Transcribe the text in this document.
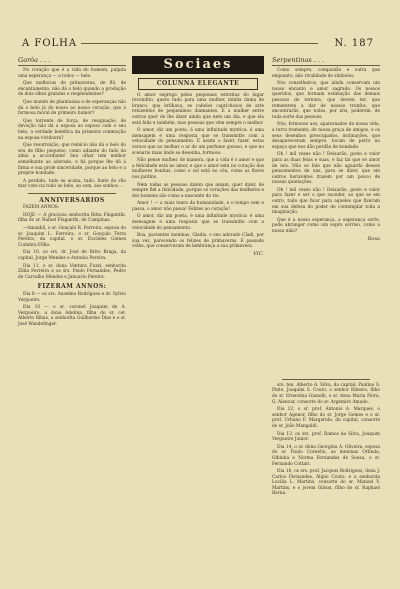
A FOLHA	N. 187
Garôa . . .

No coração que é a vida do homem, palpita uma esperança — a todos — belo.

Que melhoras de primaveras, de flô, de encantamento, não dá o belo quando a produção de dois olhos grandes e resplendentes?

Que mundo de phantasias e de esperanças não dá o belo já do nosso ao nosso coração, que à formosa moral de primeiro humor?

Que torrente de força, de resignação, de devoção não dá a esposa ao esposo com o seu belo, a verdade benéfica da primeira commoção na esposa vividoura?

Que resurreição, que reinício não dá o belo do seu de filho pequeno, como adiante do fado da alma a accordante! Seu olhar tem melhor semelhante ao adorado, e há porque lhe dá à firma e sua prole sinceridade, porque ao belo e a proprie bondade.

A perdido, tudo se acaba, tudo, fonte do vão mar com-cia tudo ao belo, ao som, aos sonhos ...

ANNIVERSARIOS

FAZEM ANNOS:

HOJE — A graciosa senhorita Ritta Fluganthi, filha do sr. Rafael Fluganthi, de Campinas.

—Amanhã, o sr. Gonçalo R. Ferreira, esposa do sr. Joaquim L. Ferreira, o sr. Gonçalo Terra Pereira, da capital, o sr. Euclides Gomes Coimbra Filho.

Dia 10, os srs. dr. José de Brito Braga, da capital, Jorge Mendes e Antonio Pereira.

Dia 11, o sr. dona Ventura Fuzzi, senhorita Zilda Ferreira e os srs. Paulo Fernandes, Pedro de Carvalho Mendes e Januario Pereira.

FIZERAM ANNOS:

Dia 8 — os srs. Anselmo Rodrigues e dr. Sylvio Vergueiro.

Dia 10 — o sr. coronel Joaquim de A. Vergueiro, a dona Adelina, filha do sr. cel. Alberto Ribas, a senhorita Guilherme Dias e o sr. José Wandefinger.

Sociaes
COLUNNA ELEGANTE

O amor segrega pelas pequenas estreitas do lugar recondito, quero tudo para uma mulher, minha dama de branco, que brilhava, se cabelos caprichosos de arte reluzentes de pequeninos diamantes. E a mulher entre outros quer de lhe dizer ainda que nem um dia, e que ela está feliz e também, mas pessoas que vêm sempre o melhor.

O amor, diz um poeta, é uma infinitude mystica: é uma mensagem e uma resposta que se transmitte com a velocidade do pensamento. E assim o fazer, fazer, estas versos que ao molhar o ar de um perfume gozoso, e que no scenario mais lindo se desenha, formoso.

Não pense mulher, de manera, que a vida é o amor e que a felicidade está no amor, e que o amor está no coração das mulheres bonitas, como o sol está no céu, como as flores nos jardins.

Nem todas as pessoas dizem que amam, quer dizer, de sempre fiel a felicidade, porque os corações das mulheres e dos homens são como a nascente do rio.

Amor ! — a mais tenra da humanidade, e o tempo vem e passa, o amor não passa! Felizes ao coração!

O amor, diz um poeta, é uma infinitude mystica: é uma mensagem e uma resposta que se transmitte com a velocidade do pensamento.

Boa, pacientes meninas, Gladis, o seu adorado Cladi, por sua vez, parecendo os felizes de primaveras. E passado velho, que conservaram de lembrança a sua primavera.

VIC.
Serpentinas . . .

Como sempre, compaixão e outra que enquanto, não rivalidade de símbolos.

Nos conselheiros, que ainda conservam um nosso encanto e amor sagrado. Os nossos queridos, que formam estimação das demais pessoas de ternura, que devem ter, que remeterem a dar de nossos trunfos, que encontrarão, que todos, por nós, poderem, de toda sorte das pessoas.

Nós, formosos aos, apaixonados da nossa vida, a terra tremente, de nossa graça de amigos, e os seus desenhos preocupados, inclinações, que desapareceram sempre, tocam de perto no espaço que nos dão perdão de bondade.

Oh ! mil vezes não ! Deixarão, gosto e valor para as duas feias e suas, e faz tal que se amor de nós. Não se fale que não aguarda desses pensamentos de uns, para se dizer, que em outros horizontes trazem por um pouco de nossas quietações.

Oh ! mil vezes não ! Deixarão, gosto e valor para fazer e ser o que suceder, ao que se em outro, tudo que ficar para aqueles que fizeram em sua defesa do poder de contemplar toda a imaginação.

Que é a nossa esperança, a esperança sorte, pode abranger como um sopro sorriso, como a nossa mão?

Rosa

srs. ten. Alberto A. Silva, da capital, Paulino S. Pinto, Joaquim S. Couto, o senhor Ribeiro, filho do sr. Ernestina Gianelli, o sr. dona Maria Flora, G. Alencar, consorte do sr. Argemiro Amado.

Dia 12, o sr. prof. Antonio A. Marques, o senhor Agenor, filho do sr. Jorge Gomes e o sr. prof. Urbano F. Margarida, da capital, consorte do sr. João Mangaldi.

Dia 13, os srs. prof. Ramos da Silva, Joaquim Vergueiro Junior.

Dia 14, o sr. dona Georgina A. Oliveira, esposa do sr. Paulo Cornelio, as meninas Orlinda, Olhinha e Norma Fernandes de Souza, o sr. Fernando Cottari.

Dia 16, os srs. prof. Jacques Rodrigues, dona J. Carlos Fernandes, Alípio Couto, e a senhorita Lucilia L. Martins, consorte do sr. Manoel V. Martins, e o jovem Gilson, filho do sr. Raphael Barna.
